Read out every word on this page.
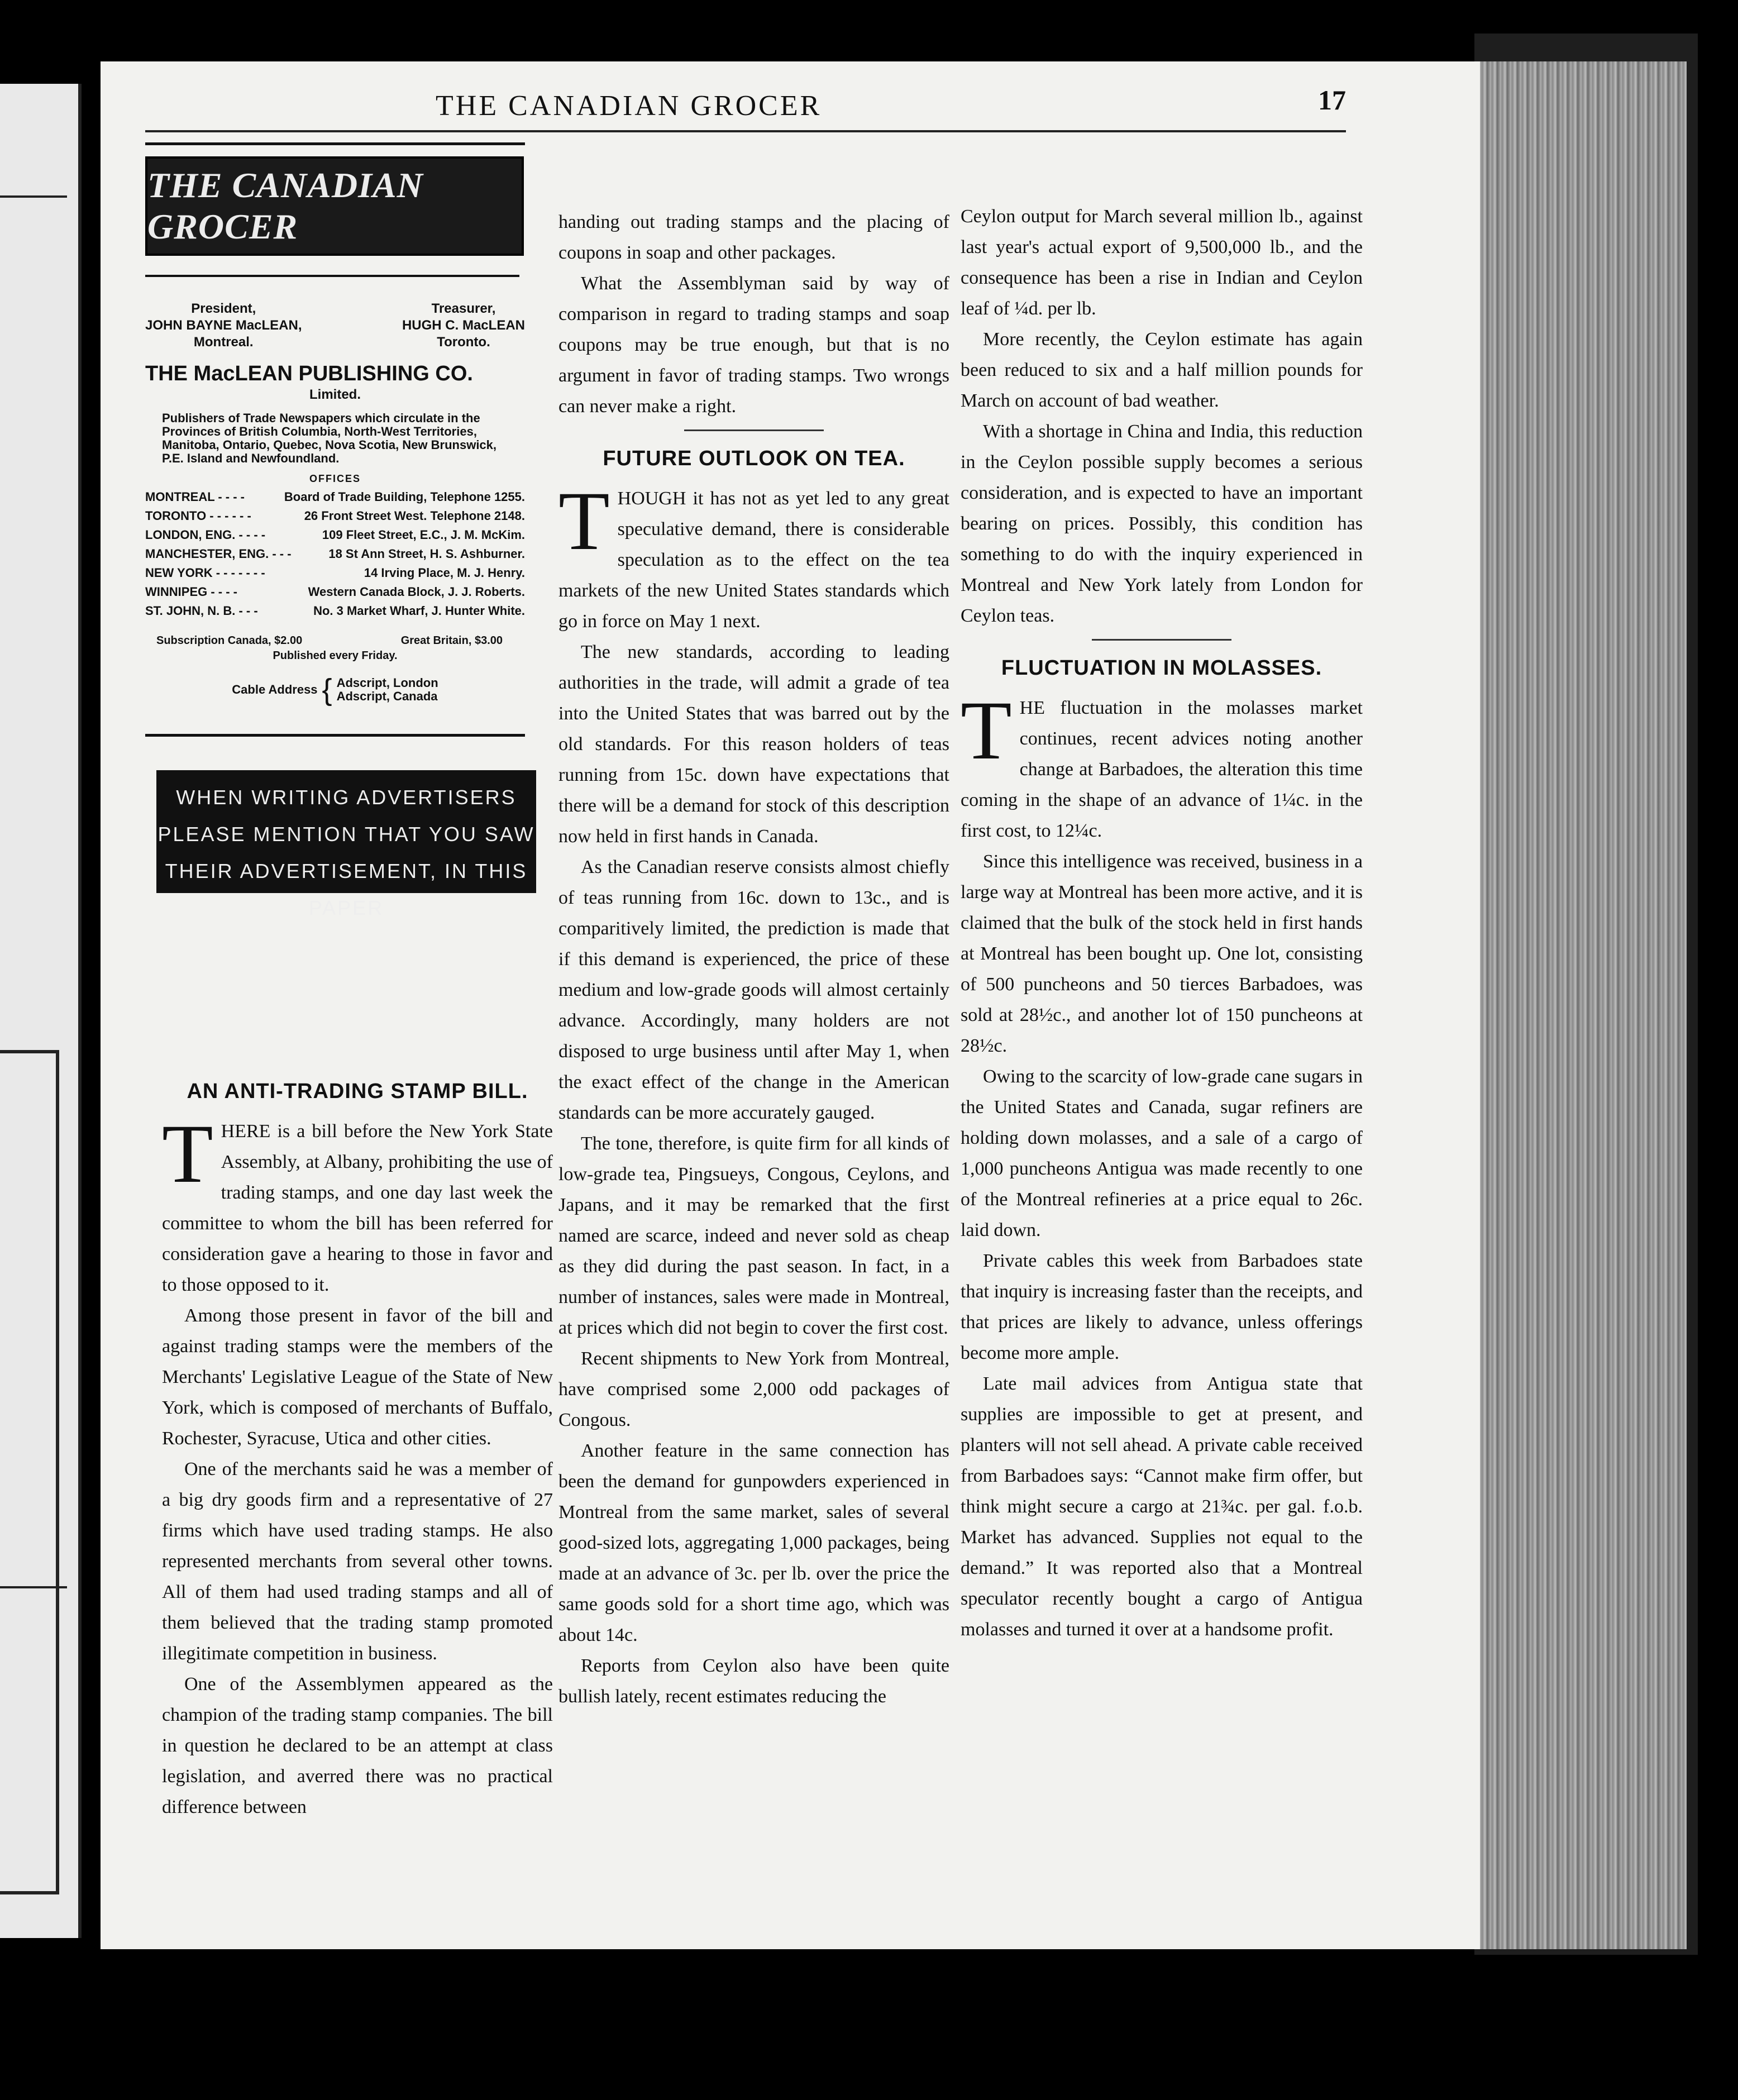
THE CANADIAN GROCER	17
THE CANADIAN GROCER
President,
JOHN BAYNE MacLEAN,
Montreal.
Treasurer,
HUGH C. MacLEAN
Toronto.
THE MacLEAN PUBLISHING CO.
Limited.
Publishers of Trade Newspapers which circulate in the Provinces of British Columbia, North-West Territories, Manitoba, Ontario, Quebec, Nova Scotia, New Brunswick, P.E. Island and Newfoundland.
OFFICES
MONTREAL - - - -	Board of Trade Building, Telephone 1255.
TORONTO - - - - - -	26 Front Street West. Telephone 2148.
LONDON, ENG. - - - -	109 Fleet Street, E.C., J. M. McKim.
MANCHESTER, ENG. - - -	18 St Ann Street, H. S. Ashburner.
NEW YORK - - - - - - -	14 Irving Place, M. J. Henry.
WINNIPEG - - - -	Western Canada Block, J. J. Roberts.
ST. JOHN, N. B. - - -	No. 3 Market Wharf, J. Hunter White.
Subscription Canada, $2.00	Great Britain, $3.00
Published every Friday.
Cable Address { Adscript, London
Adscript, Canada
WHEN WRITING ADVERTISERS
PLEASE MENTION THAT YOU SAW
THEIR ADVERTISEMENT, IN THIS PAPER
AN ANTI-TRADING STAMP BILL.

THERE is a bill before the New York State Assembly, at Albany, prohibiting the use of trading stamps, and one day last week the committee to whom the bill has been referred for consideration gave a hearing to those in favor and to those opposed to it.

Among those present in favor of the bill and against trading stamps were the members of the Merchants' Legislative League of the State of New York, which is composed of merchants of Buffalo, Rochester, Syracuse, Utica and other cities.

One of the merchants said he was a member of a big dry goods firm and a representative of 27 firms which have used trading stamps. He also represented merchants from several other towns. All of them had used trading stamps and all of them believed that the trading stamp promoted illegitimate competition in business.

One of the Assemblymen appeared as the champion of the trading stamp companies. The bill in question he declared to be an attempt at class legislation, and averred there was no practical difference between

handing out trading stamps and the placing of coupons in soap and other packages.

What the Assemblyman said by way of comparison in regard to trading stamps and soap coupons may be true enough, but that is no argument in favor of trading stamps. Two wrongs can never make a right.

FUTURE OUTLOOK ON TEA.

THOUGH it has not as yet led to any great speculative demand, there is considerable speculation as to the effect on the tea markets of the new United States standards which go in force on May 1 next.

The new standards, according to leading authorities in the trade, will admit a grade of tea into the United States that was barred out by the old standards. For this reason holders of teas running from 15c. down have expectations that there will be a demand for stock of this description now held in first hands in Canada.

As the Canadian reserve consists almost chiefly of teas running from 16c. down to 13c., and is comparitively limited, the prediction is made that if this demand is experienced, the price of these medium and low-grade goods will almost certainly advance. Accordingly, many holders are not disposed to urge business until after May 1, when the exact effect of the change in the American standards can be more accurately gauged.

The tone, therefore, is quite firm for all kinds of low-grade tea, Pingsueys, Congous, Ceylons, and Japans, and it may be remarked that the first named are scarce, indeed and never sold as cheap as they did during the past season. In fact, in a number of instances, sales were made in Montreal, at prices which did not begin to cover the first cost.

Recent shipments to New York from Montreal, have comprised some 2,000 odd packages of Congous.

Another feature in the same connection has been the demand for gunpowders experienced in Montreal from the same market, sales of several good-sized lots, aggregating 1,000 packages, being made at an advance of 3c. per lb. over the price the same goods sold for a short time ago, which was about 14c.

Reports from Ceylon also have been quite bullish lately, recent estimates reducing the

Ceylon output for March several million lb., against last year's actual export of 9,500,000 lb., and the consequence has been a rise in Indian and Ceylon leaf of ¼d. per lb.

More recently, the Ceylon estimate has again been reduced to six and a half million pounds for March on account of bad weather.

With a shortage in China and India, this reduction in the Ceylon possible supply becomes a serious consideration, and is expected to have an important bearing on prices. Possibly, this condition has something to do with the inquiry experienced in Montreal and New York lately from London for Ceylon teas.

FLUCTUATION IN MOLASSES.

THE fluctuation in the molasses market continues, recent advices noting another change at Barbadoes, the alteration this time coming in the shape of an advance of 1¼c. in the first cost, to 12¼c.

Since this intelligence was received, business in a large way at Montreal has been more active, and it is claimed that the bulk of the stock held in first hands at Montreal has been bought up. One lot, consisting of 500 puncheons and 50 tierces Barbadoes, was sold at 28½c., and another lot of 150 puncheons at 28½c.

Owing to the scarcity of low-grade cane sugars in the United States and Canada, sugar refiners are holding down molasses, and a sale of a cargo of 1,000 puncheons Antigua was made recently to one of the Montreal refineries at a price equal to 26c. laid down.

Private cables this week from Barbadoes state that inquiry is increasing faster than the receipts, and that prices are likely to advance, unless offerings become more ample.

Late mail advices from Antigua state that supplies are impossible to get at present, and planters will not sell ahead. A private cable received from Barbadoes says: “Cannot make firm offer, but think might secure a cargo at 21¾c. per gal. f.o.b. Market has advanced. Supplies not equal to the demand.” It was reported also that a Montreal speculator recently bought a cargo of Antigua molasses and turned it over at a handsome profit.
